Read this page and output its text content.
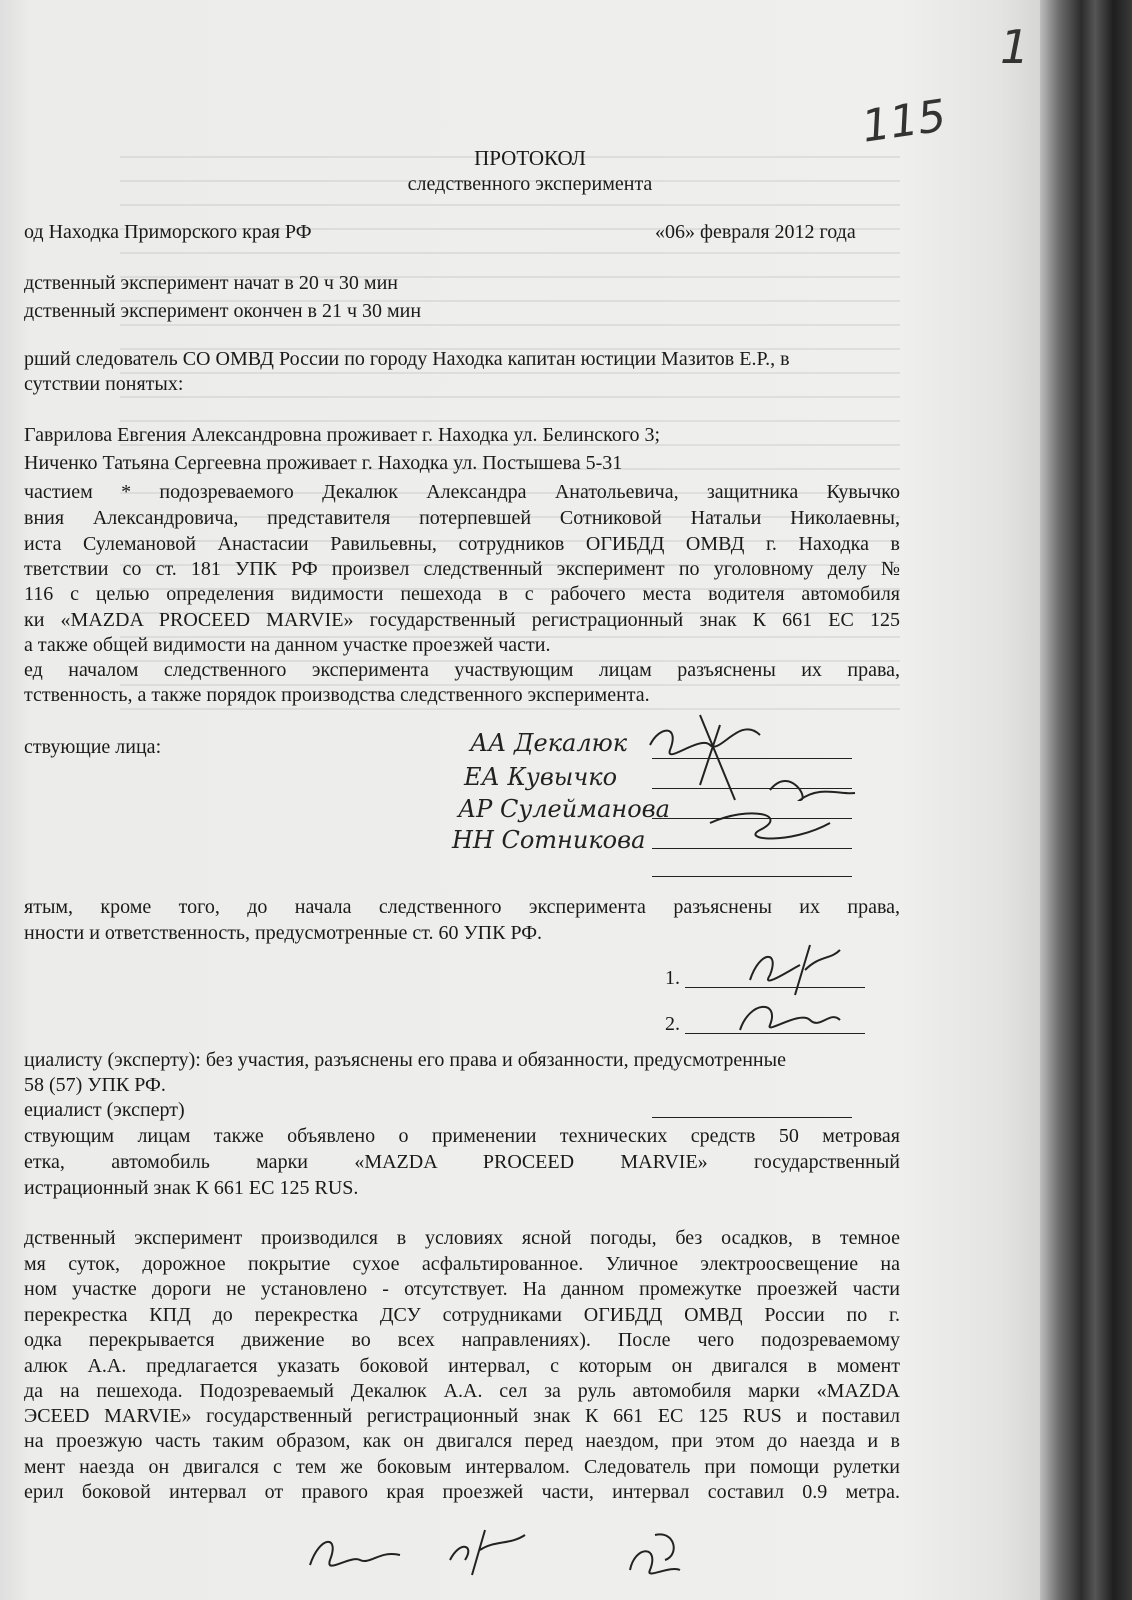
1
115
ПРОТОКОЛ
следственного эксперимента
од Находка Приморского края РФ	«06» февраля 2012 года
дственный эксперимент начат в 20 ч 30 мин
дственный эксперимент окончен в 21 ч 30 мин
рший следователь СО ОМВД России по городу Находка капитан юстиции Мазитов Е.Р., в
сутствии понятых:
Гаврилова Евгения Александровна проживает г. Находка ул. Белинского 3;
Ниченко Татьяна Сергеевна проживает г. Находка ул. Постышева 5-31
частием * подозреваемого Декалюк Александра Анатольевича, защитника Кувычко
вния Александровича, представителя потерпевшей Сотниковой Натальи Николаевны,
иста Сулемановой Анастасии Равильевны, сотрудников ОГИБДД ОМВД г. Находка в
тветствии со ст. 181 УПК РФ произвел следственный эксперимент по уголовному делу №
116 с целью определения видимости пешехода в с рабочего места водителя автомобиля
ки «MAZDA PROCEED MARVIE» государственный регистрационный знак К 661 ЕС 125
а также общей видимости на данном участке проезжей части.
ед началом следственного эксперимента участвующим лицам разъяснены их права,
тственность, а также порядок производства следственного эксперимента.
ствующие лица:	АА Декалюк
ЕА Кувычко
АР Сулейманова
НН Сотникова
ятым, кроме того, до начала следственного эксперимента разъяснены их права,
нности и ответственность, предусмотренные ст. 60 УПК РФ.
1.
2.
циалисту (эксперту): без участия, разъяснены его права и обязанности, предусмотренные
58 (57) УПК РФ.
ециалист (эксперт)
ствующим лицам также объявлено о применении технических средств 50 метровая
етка, автомобиль марки «MAZDA PROCEED MARVIE» государственный
истрационный знак К 661 ЕС 125 RUS.
дственный эксперимент производился в условиях ясной погоды, без осадков, в темное
мя суток, дорожное покрытие сухое асфальтированное. Уличное электроосвещение на
ном участке дороги не установлено - отсутствует. На данном промежутке проезжей части
перекрестка КПД до перекрестка ДСУ сотрудниками ОГИБДД ОМВД России по г.
одка перекрывается движение во всех направлениях). После чего подозреваемому
алюк А.А. предлагается указать боковой интервал, с которым он двигался в момент
да на пешехода. Подозреваемый Декалюк А.А. сел за руль автомобиля марки «MAZDA
ЭCEED MARVIE» государственный регистрационный знак К 661 ЕС 125 RUS и поставил
на проезжую часть таким образом, как он двигался перед наездом, при этом до наезда и в
мент наезда он двигался с тем же боковым интервалом. Следователь при помощи рулетки
ерил боковой интервал от правого края проезжей части, интервал составил 0.9 метра.
